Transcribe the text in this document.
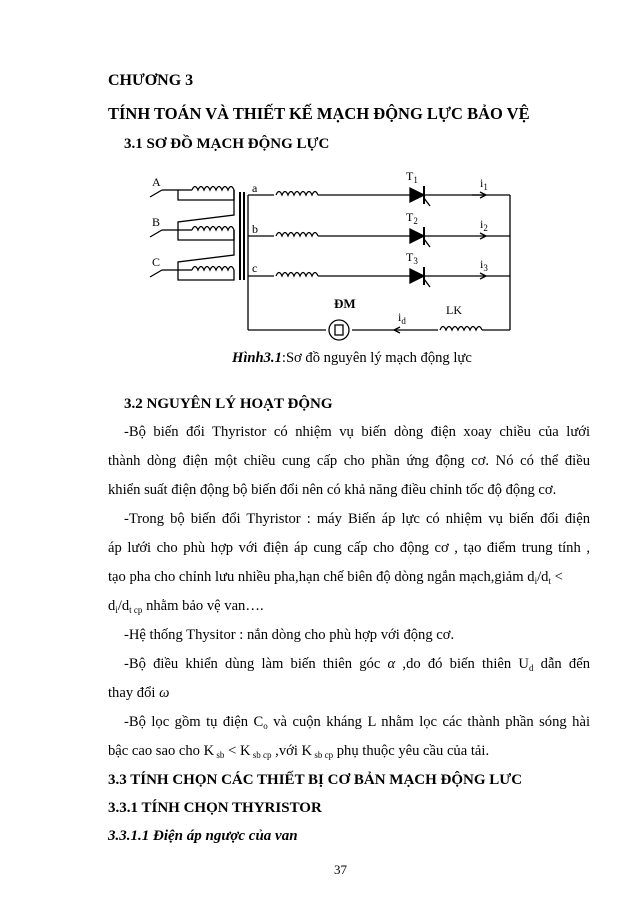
CHƯƠNG 3
TÍNH TOÁN VÀ THIẾT KẾ MẠCH ĐỘNG LỰC BẢO VỆ
3.1 SƠ ĐỒ MẠCH ĐỘNG LỰC
A
B
C
a
b
c
$T_1$
$T_2$
$T_3$
$i_1$
$i_2$
$i_3$
ĐM
$i_d$
LK
Hình3.1:Sơ đồ nguyên lý mạch động lực
3.2 NGUYÊN LÝ HOẠT ĐỘNG
-Bộ biến đổi Thyristor có nhiệm vụ biến dòng điện xoay chiều của lưới
thành dòng điện một chiều cung cấp cho phần ứng động cơ. Nó có thể điều
khiển suất điện động bộ biến đổi nên có khả năng điều chỉnh tốc độ động cơ.
-Trong bộ biến đổi Thyristor : máy Biến áp lực có nhiệm vụ biến đổi điện
áp lưới cho phù hợp với điện áp cung cấp cho động cơ , tạo điểm trung tính ,
tạo pha cho chỉnh lưu nhiều pha,hạn chế biên độ dòng ngắn mạch,giảm $d_i/d_t$ <
$d_i/d_{t cp}$ nhằm bảo vệ van….
-Hệ thống Thysitor : nắn dòng cho phù hợp với động cơ.
-Bộ điều khiển dùng làm biến thiên góc α ,do đó biến thiên $U_d$ dẫn đến
thay đổi ω
-Bộ lọc gồm tụ điện $C_o$ và cuộn kháng L nhằm lọc các thành phần sóng hài
bậc cao sao cho K $_{sb}$ < K $_{sb cp}$ ,với K $_{sb cp}$ phụ thuộc yêu cầu của tải.
3.3 TÍNH CHỌN CÁC THIẾT BỊ CƠ BẢN MẠCH ĐỘNG LƯC
3.3.1 TÍNH CHỌN THYRISTOR
3.3.1.1 Điện áp ngược của van
37
